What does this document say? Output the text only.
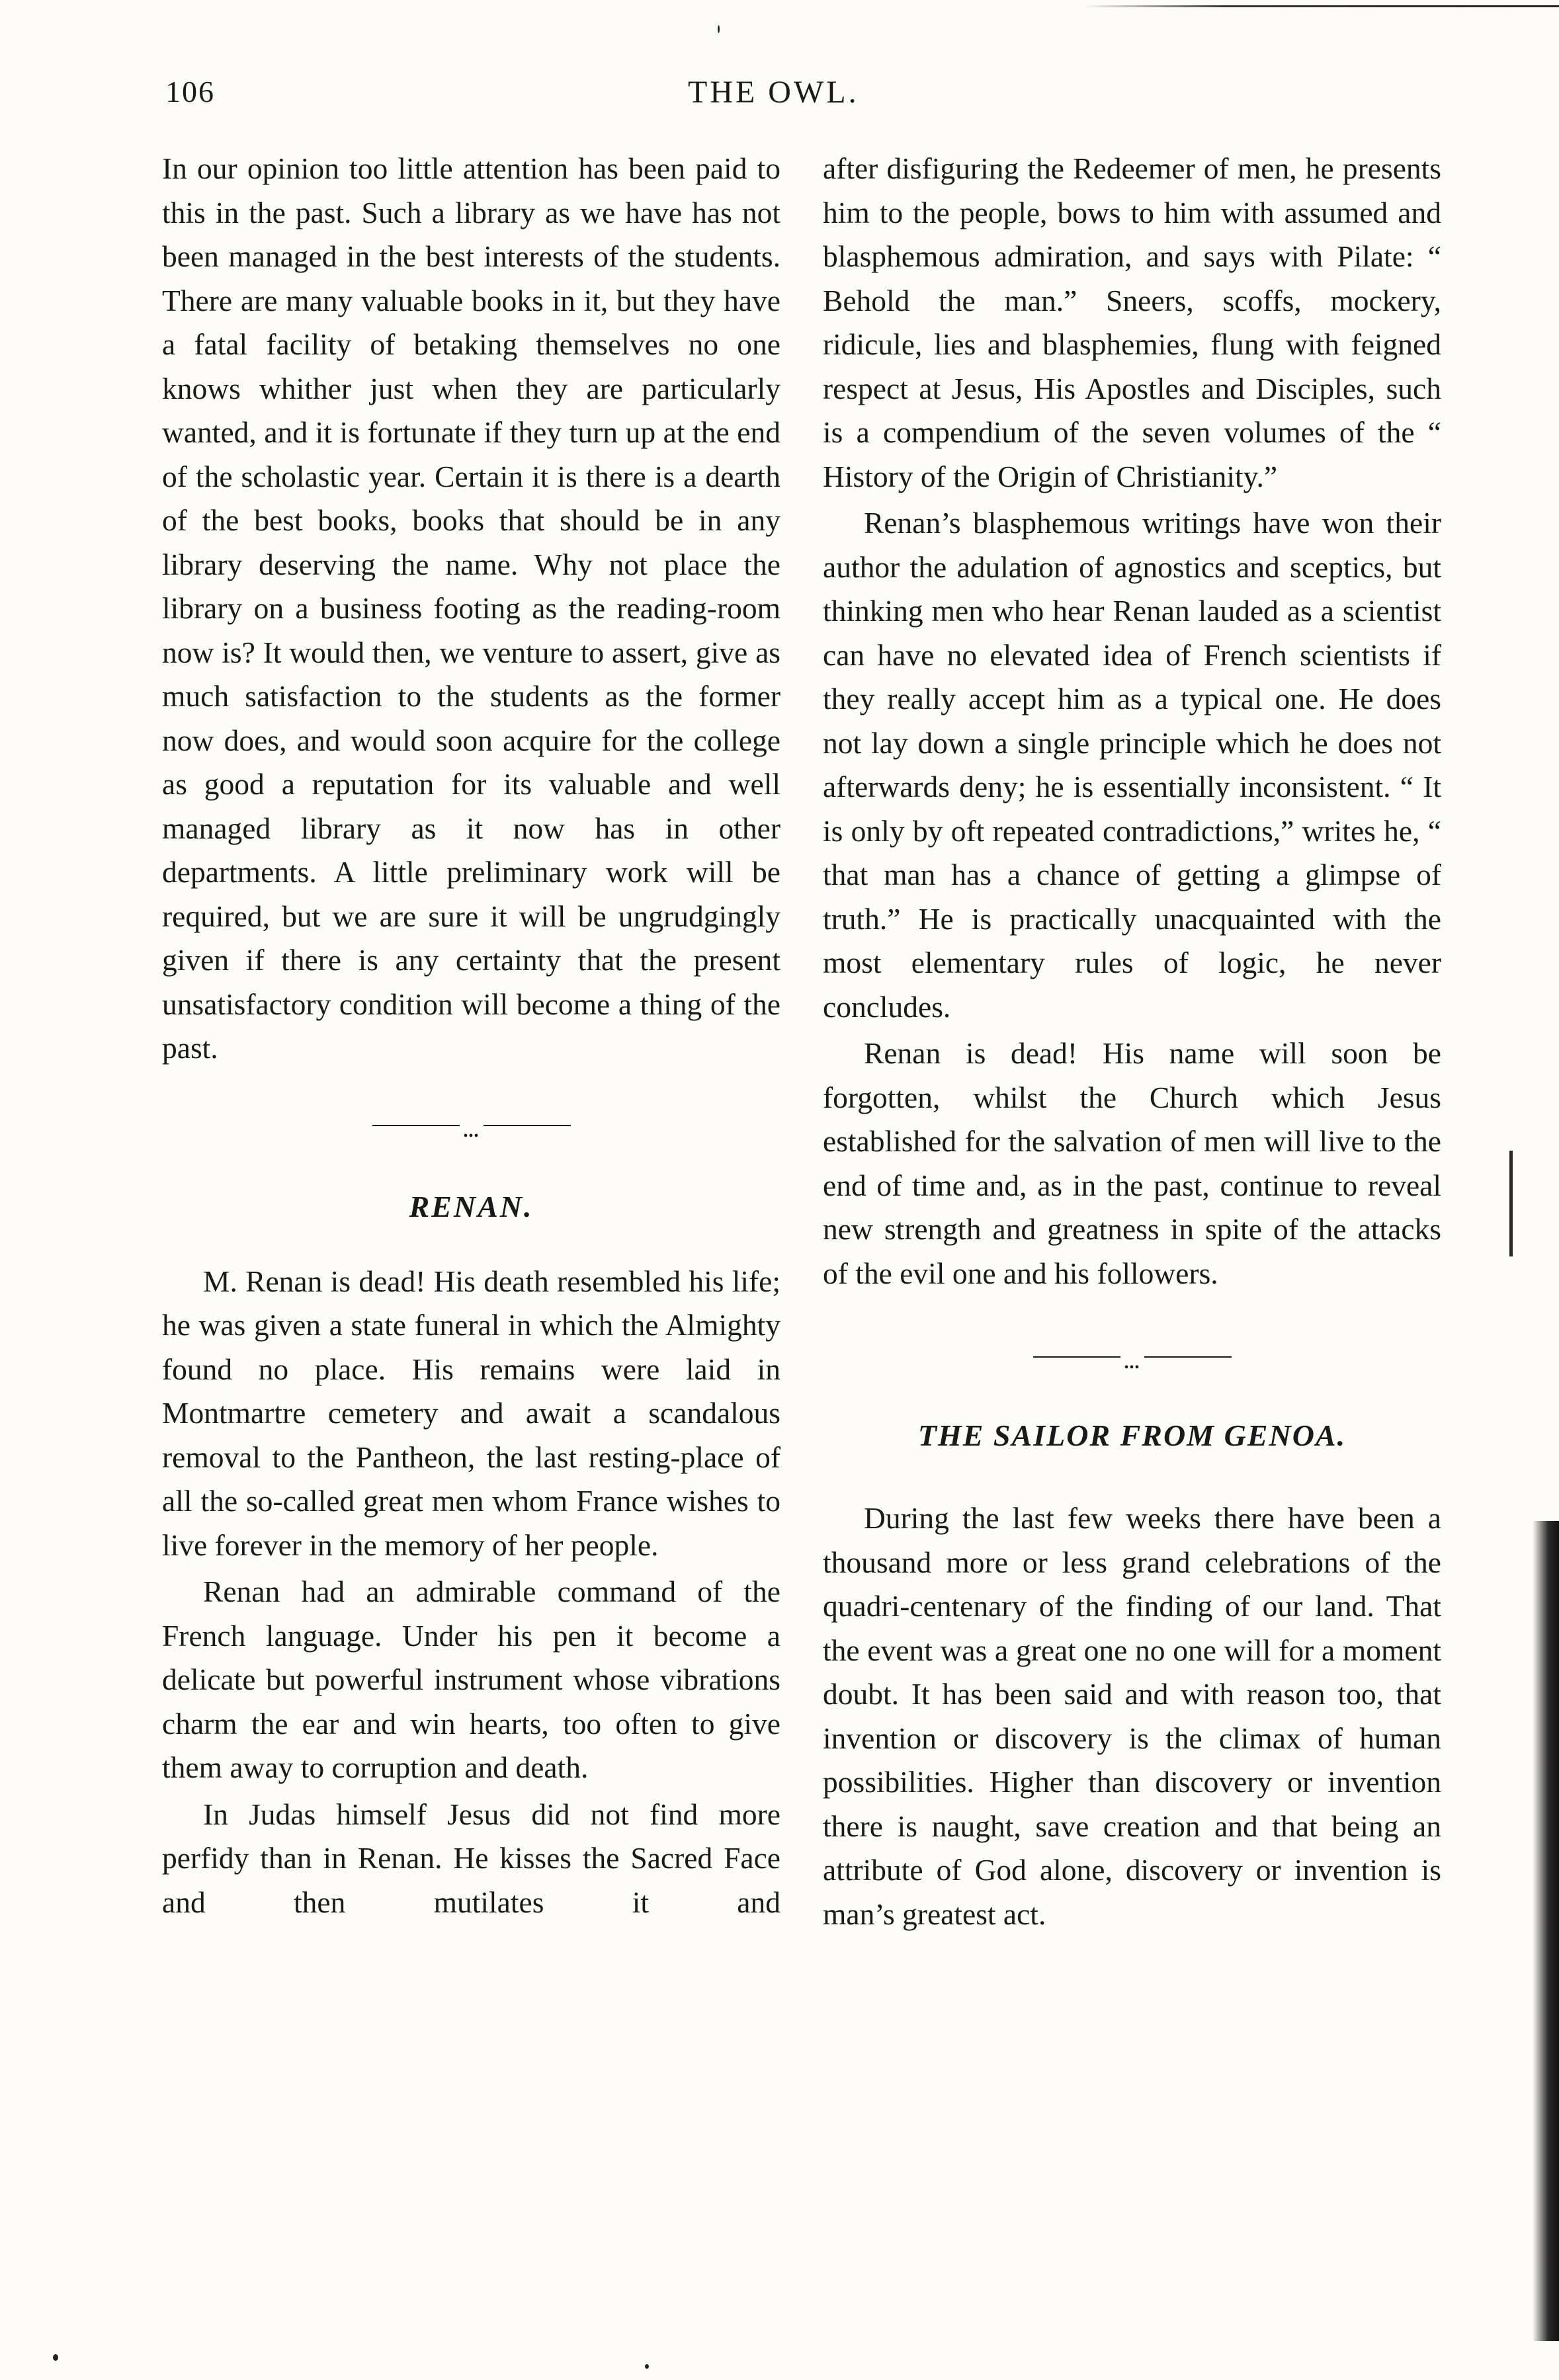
106	THE OWL.

In our opinion too little attention has been paid to this in the past. Such a library as we have has not been managed in the best interests of the students. There are many valuable books in it, but they have a fatal facility of betaking themselves no one knows whither just when they are particularly wanted, and it is fortunate if they turn up at the end of the scholastic year. Certain it is there is a dearth of the best books, books that should be in any library deserving the name. Why not place the library on a business footing as the reading-room now is? It would then, we venture to assert, give as much satisfaction to the students as the former now does, and would soon acquire for the college as good a reputation for its valuable and well managed library as it now has in other departments. A little preliminary work will be required, but we are sure it will be ungrudgingly given if there is any certainty that the present unsatisfactory condition will become a thing of the past.

•••
RENAN.

M. Renan is dead! His death resembled his life; he was given a state funeral in which the Almighty found no place. His remains were laid in Montmartre cemetery and await a scandalous removal to the Pantheon, the last resting-place of all the so-called great men whom France wishes to live forever in the memory of her people.

Renan had an admirable command of the French language. Under his pen it become a delicate but powerful instrument whose vibrations charm the ear and win hearts, too often to give them away to corruption and death.

In Judas himself Jesus did not find more perfidy than in Renan. He kisses the Sacred Face and then mutilates it and

after disfiguring the Redeemer of men, he presents him to the people, bows to him with assumed and blasphemous admiration, and says with Pilate: “ Behold the man.” Sneers, scoffs, mockery, ridicule, lies and blasphemies, flung with feigned respect at Jesus, His Apostles and Disciples, such is a compendium of the seven volumes of the “ History of the Origin of Christianity.”

Renan’s blasphemous writings have won their author the adulation of agnostics and sceptics, but thinking men who hear Renan lauded as a scientist can have no elevated idea of French scientists if they really accept him as a typical one. He does not lay down a single principle which he does not afterwards deny; he is essentially inconsistent. “ It is only by oft repeated contradictions,” writes he, “ that man has a chance of getting a glimpse of truth.” He is practically unacquainted with the most elementary rules of logic, he never concludes.

Renan is dead! His name will soon be forgotten, whilst the Church which Jesus established for the salvation of men will live to the end of time and, as in the past, continue to reveal new strength and greatness in spite of the attacks of the evil one and his followers.

•••
THE SAILOR FROM GENOA.

During the last few weeks there have been a thousand more or less grand celebrations of the quadri-centenary of the finding of our land. That the event was a great one no one will for a moment doubt. It has been said and with reason too, that invention or discovery is the climax of human possibilities. Higher than discovery or invention there is naught, save creation and that being an attribute of God alone, discovery or invention is man’s greatest act.
